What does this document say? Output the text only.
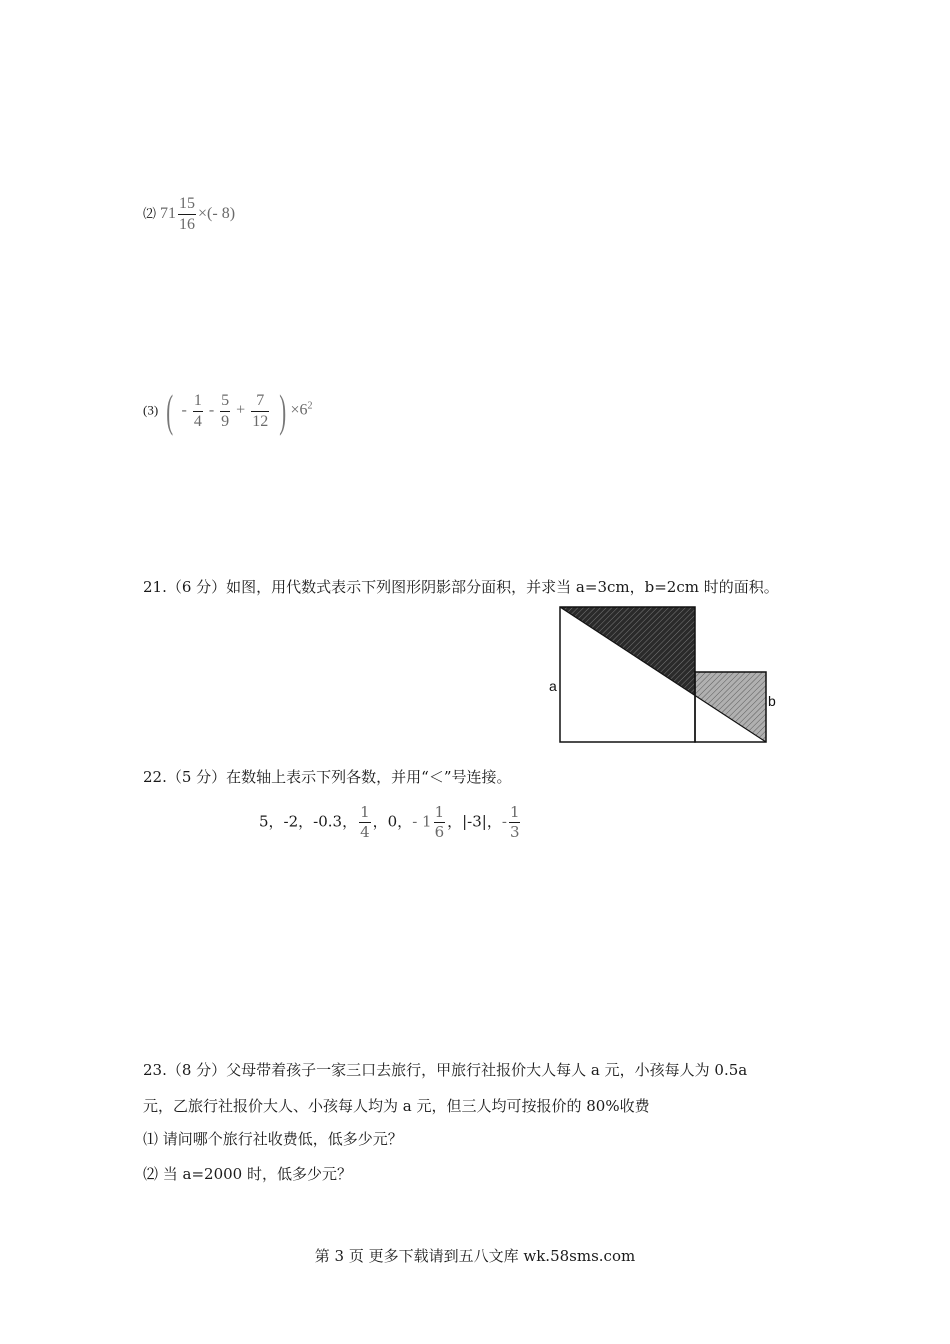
⑵ $71 \frac{15}{16}$ ×(- 8)
(3) ( - $\frac{1}{4} - \frac{5}{9} + \frac{7}{12}$ ) $\times 6^2$
21.（6 分）如图，用代数式表示下列图形阴影部分面积，并求当 a=3cm，b=2cm 时的面积。
a
b
22.（5 分）在数轴上表示下列各数，并用“＜”号连接。
5，-2，-0.3， $\frac{1}{4}$ ，0，- $1 \frac{1}{6}$ ，|-3|，- $\frac{1}{3}$
23.（8 分）父母带着孩子一家三口去旅行，甲旅行社报价大人每人 a 元，小孩每人为 0.5a
元，乙旅行社报价大人、小孩每人均为 a 元，但三人均可按报价的 80%收费
⑴ 请问哪个旅行社收费低，低多少元？
⑵ 当 a=2000 时，低多少元？
第 3 页 更多下载请到五八文库 wk.58sms.com
